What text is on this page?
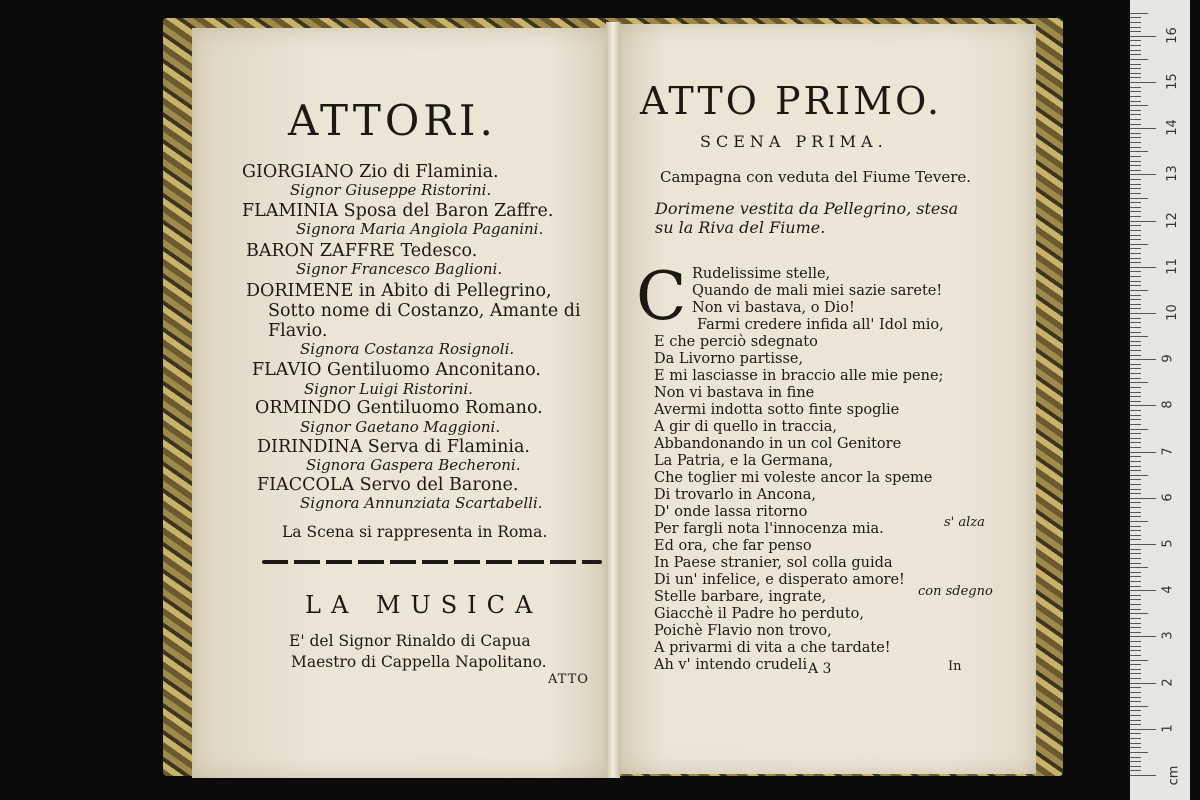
ATTORI.
GIORGIANO Zio di Flaminia.
Signor Giuseppe Ristorini.
FLAMINIA Sposa del Baron Zaffre.
Signora Maria Angiola Paganini.
BARON ZAFFRE Tedesco.
Signor Francesco Baglioni.
DORIMENE in Abito di Pellegrino,
Sotto nome di Costanzo, Amante di
Flavio.
Signora Costanza Rosignoli.
FLAVIO Gentiluomo Anconitano.
Signor Luigi Ristorini.
ORMINDO Gentiluomo Romano.
Signor Gaetano Maggioni.
DIRINDINA Serva di Flaminia.
Signora Gaspera Becheroni.
FIACCOLA Servo del Barone.
Signora Annunziata Scartabelli.
La Scena si rappresenta in Roma.
LA MUSICA
E' del Signor Rinaldo di Capua
Maestro di Cappella Napolitano.
ATTO
ATTO PRIMO.
SCENA PRIMA.
Campagna con veduta del Fiume Tevere.
Dorimene vestita da Pellegrino, stesa
su la Riva del Fiume.
C Rudelissime stelle,
Quando de mali miei sazie sarete!
Non vi bastava, o Dio!
Farmi credere infida all' Idol mio,
E che perciò sdegnato
Da Livorno partisse,
E mi lasciasse in braccio alle mie pene;
Non vi bastava in fine
Avermi indotta sotto finte spoglie
A gir di quello in traccia,
Abbandonando in un col Genitore
La Patria, e la Germana,
Che toglier mi voleste ancor la speme
Di trovarlo in Ancona,
D' onde lassa ritorno
Per fargli nota l'innocenza mia.
Ed ora, che far penso
In Paese stranier, sol colla guida
Di un' infelice, e disperato amore!
Stelle barbare, ingrate,
Giacchè il Padre ho perduto,
Poichè Flavio non trovo,
A privarmi di vita a che tardate!
Ah v' intendo crudeli
s' alza
con sdegno
A 3	In
cm
1
2
3
4
5
6
7
8
9
10
11
12
13
14
15
16
